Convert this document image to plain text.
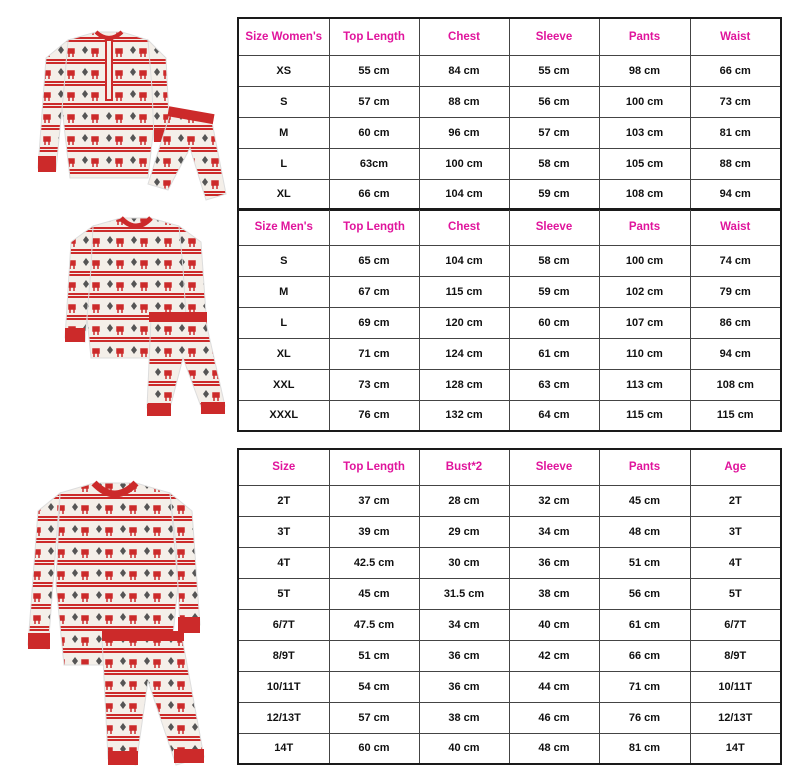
Size Women's	Top Length	Chest	Sleeve	Pants	Waist
XS	55 cm	84 cm	55 cm	98 cm	66 cm
S	57 cm	88 cm	56 cm	100 cm	73 cm
M	60 cm	96 cm	57 cm	103 cm	81 cm
L	63cm	100 cm	58 cm	105 cm	88 cm
XL	66 cm	104 cm	59 cm	108 cm	94 cm
Size Men's	Top Length	Chest	Sleeve	Pants	Waist
S	65 cm	104 cm	58 cm	100 cm	74 cm
M	67 cm	115 cm	59 cm	102 cm	79 cm
L	69 cm	120 cm	60 cm	107 cm	86 cm
XL	71 cm	124 cm	61 cm	110 cm	94 cm
XXL	73 cm	128 cm	63 cm	113 cm	108 cm
XXXL	76 cm	132 cm	64 cm	115 cm	115 cm
Size	Top Length	Bust*2	Sleeve	Pants	Age
2T	37 cm	28 cm	32 cm	45 cm	2T
3T	39 cm	29 cm	34 cm	48 cm	3T
4T	42.5 cm	30 cm	36 cm	51 cm	4T
5T	45 cm	31.5 cm	38 cm	56 cm	5T
6/7T	47.5 cm	34 cm	40 cm	61 cm	6/7T
8/9T	51 cm	36 cm	42 cm	66 cm	8/9T
10/11T	54 cm	36 cm	44 cm	71 cm	10/11T
12/13T	57 cm	38 cm	46 cm	76 cm	12/13T
14T	60 cm	40 cm	48 cm	81 cm	14T
